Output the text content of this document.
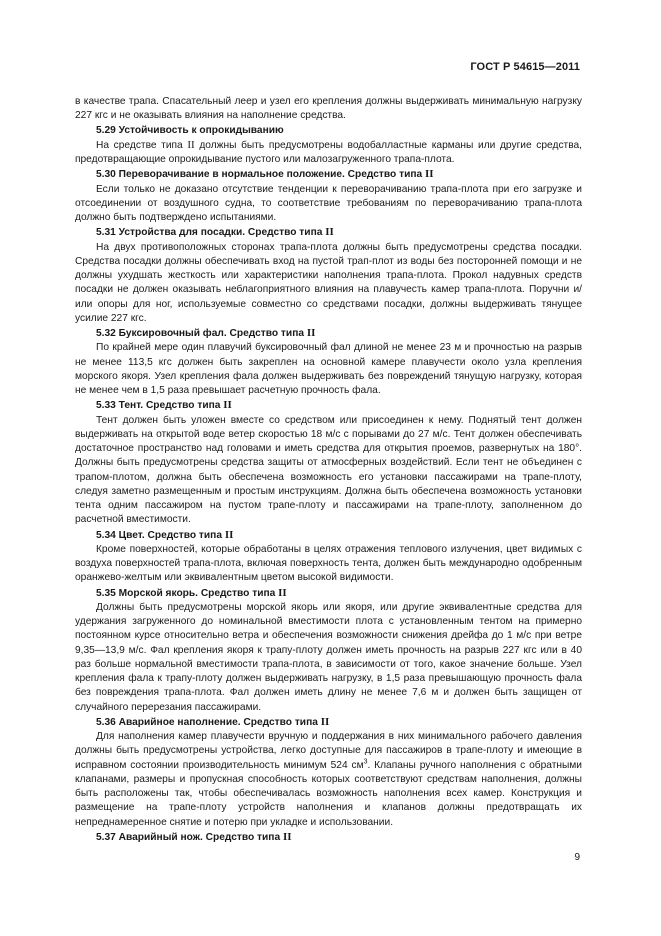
ГОСТ Р 54615—2011

в качестве трапа. Спасательный леер и узел его крепления должны выдерживать минимальную нагрузку 227 кгс и не оказывать влияния на наполнение средства.

5.29 Устойчивость к опрокидыванию

На средстве типа II должны быть предусмотрены водобалластные карманы или другие средства, предотвращающие опрокидывание пустого или малозагруженного трапа-плота.

5.30 Переворачивание в нормальное положение. Средство типа II

Если только не доказано отсутствие тенденции к переворачиванию трапа-плота при его загрузке и отсоединении от воздушного судна, то соответствие требованиям по переворачиванию трапа-плота должно быть подтверждено испытаниями.

5.31 Устройства для посадки. Средство типа II

На двух противоположных сторонах трапа-плота должны быть предусмотрены средства посадки. Средства посадки должны обеспечивать вход на пустой трап-плот из воды без посторонней помощи и не должны ухудшать жесткость или характеристики наполнения трапа-плота. Прокол надувных средств посадки не должен оказывать неблагоприятного влияния на плавучесть камер трапа-плота. Поручни и/или опоры для ног, используемые совместно со средствами посадки, должны выдерживать тянущее усилие 227 кгс.

5.32 Буксировочный фал. Средство типа II

По крайней мере один плавучий буксировочный фал длиной не менее 23 м и прочностью на разрыв не менее 113,5 кгс должен быть закреплен на основной камере плавучести около узла крепления морского якоря. Узел крепления фала должен выдерживать без повреждений тянущую нагрузку, которая не менее чем в 1,5 раза превышает расчетную прочность фала.

5.33 Тент. Средство типа II

Тент должен быть уложен вместе со средством или присоединен к нему. Поднятый тент должен выдерживать на открытой воде ветер скоростью 18 м/с с порывами до 27 м/с. Тент должен обеспечивать достаточное пространство над головами и иметь средства для открытия проемов, развернутых на 180°. Должны быть предусмотрены средства защиты от атмосферных воздействий. Если тент не объединен с трапом-плотом, должна быть обеспечена возможность его установки пассажирами на трапе-плоту, следуя заметно размещенным и простым инструкциям. Должна быть обеспечена возможность установки тента одним пассажиром на пустом трапе-плоту и пассажирами на трапе-плоту, заполненном до расчетной вместимости.

5.34 Цвет. Средство типа II

Кроме поверхностей, которые обработаны в целях отражения теплового излучения, цвет видимых с воздуха поверхностей трапа-плота, включая поверхность тента, должен быть международно одобренным оранжево-желтым или эквивалентным цветом высокой видимости.

5.35 Морской якорь. Средство типа II

Должны быть предусмотрены морской якорь или якоря, или другие эквивалентные средства для удержания загруженного до номинальной вместимости плота с установленным тентом на примерно постоянном курсе относительно ветра и обеспечения возможности снижения дрейфа до 1 м/с при ветре 9,35—13,9 м/с. Фал крепления якоря к трапу-плоту должен иметь прочность на разрыв 227 кгс или в 40 раз больше нормальной вместимости трапа-плота, в зависимости от того, какое значение больше. Узел крепления фала к трапу-плоту должен выдерживать нагрузку, в 1,5 раза превышающую прочность фала без повреждения трапа-плота. Фал должен иметь длину не менее 7,6 м и должен быть защищен от случайного перерезания пассажирами.

5.36 Аварийное наполнение. Средство типа II

Для наполнения камер плавучести вручную и поддержания в них минимального рабочего давления должны быть предусмотрены устройства, легко доступные для пассажиров в трапе-плоту и имеющие в исправном состоянии производительность минимум 524 $см^3$. Клапаны ручного наполнения с обратными клапанами, размеры и пропускная способность которых соответствуют средствам наполнения, должны быть расположены так, чтобы обеспечивалась возможность наполнения всех камер. Конструкция и размещение на трапе-плоту устройств наполнения и клапанов должны предотвращать их непреднамеренное снятие и потерю при укладке и использовании.

5.37 Аварийный нож. Средство типа II
9
